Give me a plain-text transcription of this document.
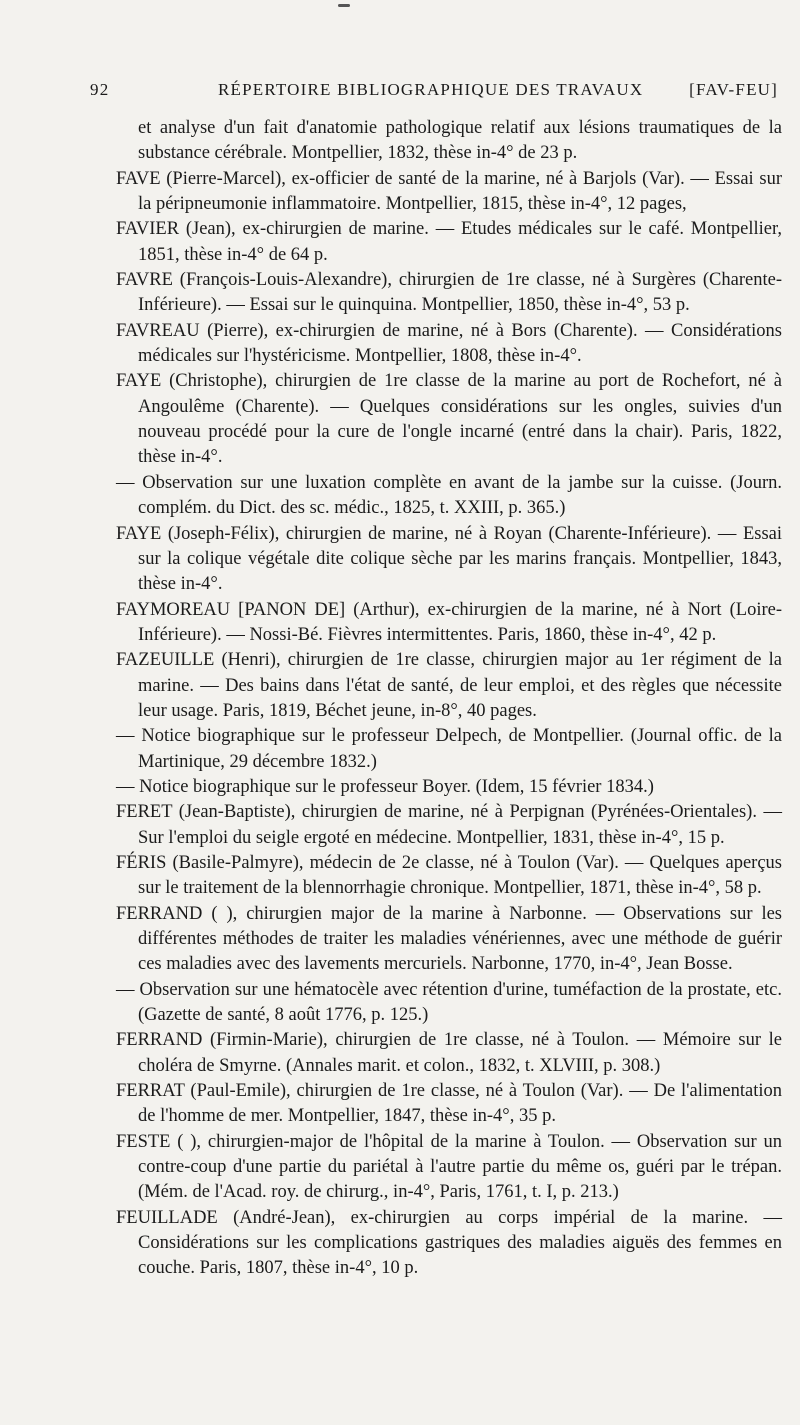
92	RÉPERTOIRE BIBLIOGRAPHIQUE DES TRAVAUX	[FAV-FEU]

et analyse d'un fait d'anatomie pathologique relatif aux lésions traumatiques de la substance cérébrale. Montpellier, 1832, thèse in-4° de 23 p.

FAVE (Pierre-Marcel), ex-officier de santé de la marine, né à Barjols (Var). — Essai sur la péripneumonie inflammatoire. Montpellier, 1815, thèse in-4°, 12 pages,

FAVIER (Jean), ex-chirurgien de marine. — Etudes médicales sur le café. Montpellier, 1851, thèse in-4° de 64 p.

FAVRE (François-Louis-Alexandre), chirurgien de 1re classe, né à Surgères (Charente-Inférieure). — Essai sur le quinquina. Montpellier, 1850, thèse in-4°, 53 p.

FAVREAU (Pierre), ex-chirurgien de marine, né à Bors (Charente). — Considérations médicales sur l'hystéricisme. Montpellier, 1808, thèse in-4°.

FAYE (Christophe), chirurgien de 1re classe de la marine au port de Rochefort, né à Angoulême (Charente). — Quelques considérations sur les ongles, suivies d'un nouveau procédé pour la cure de l'ongle incarné (entré dans la chair). Paris, 1822, thèse in-4°.

— Observation sur une luxation complète en avant de la jambe sur la cuisse. (Journ. complém. du Dict. des sc. médic., 1825, t. XXIII, p. 365.)

FAYE (Joseph-Félix), chirurgien de marine, né à Royan (Charente-Inférieure). — Essai sur la colique végétale dite colique sèche par les marins français. Montpellier, 1843, thèse in-4°.

FAYMOREAU [PANON DE] (Arthur), ex-chirurgien de la marine, né à Nort (Loire-Inférieure). — Nossi-Bé. Fièvres intermittentes. Paris, 1860, thèse in-4°, 42 p.

FAZEUILLE (Henri), chirurgien de 1re classe, chirurgien major au 1er régiment de la marine. — Des bains dans l'état de santé, de leur emploi, et des règles que nécessite leur usage. Paris, 1819, Béchet jeune, in-8°, 40 pages.

— Notice biographique sur le professeur Delpech, de Montpellier. (Journal offic. de la Martinique, 29 décembre 1832.)

— Notice biographique sur le professeur Boyer. (Idem, 15 février 1834.)

FERET (Jean-Baptiste), chirurgien de marine, né à Perpignan (Pyrénées-Orientales). — Sur l'emploi du seigle ergoté en médecine. Montpellier, 1831, thèse in-4°, 15 p.

FÉRIS (Basile-Palmyre), médecin de 2e classe, né à Toulon (Var). — Quelques aperçus sur le traitement de la blennorrhagie chronique. Montpellier, 1871, thèse in-4°, 58 p.

FERRAND ( ), chirurgien major de la marine à Narbonne. — Observations sur les différentes méthodes de traiter les maladies vénériennes, avec une méthode de guérir ces maladies avec des lavements mercuriels. Narbonne, 1770, in-4°, Jean Bosse.

— Observation sur une hématocèle avec rétention d'urine, tuméfaction de la prostate, etc. (Gazette de santé, 8 août 1776, p. 125.)

FERRAND (Firmin-Marie), chirurgien de 1re classe, né à Toulon. — Mémoire sur le choléra de Smyrne. (Annales marit. et colon., 1832, t. XLVIII, p. 308.)

FERRAT (Paul-Emile), chirurgien de 1re classe, né à Toulon (Var). — De l'alimentation de l'homme de mer. Montpellier, 1847, thèse in-4°, 35 p.

FESTE ( ), chirurgien-major de l'hôpital de la marine à Toulon. — Observation sur un contre-coup d'une partie du pariétal à l'autre partie du même os, guéri par le trépan. (Mém. de l'Acad. roy. de chirurg., in-4°, Paris, 1761, t. I, p. 213.)

FEUILLADE (André-Jean), ex-chirurgien au corps impérial de la marine. — Considérations sur les complications gastriques des maladies aiguës des femmes en couche. Paris, 1807, thèse in-4°, 10 p.
